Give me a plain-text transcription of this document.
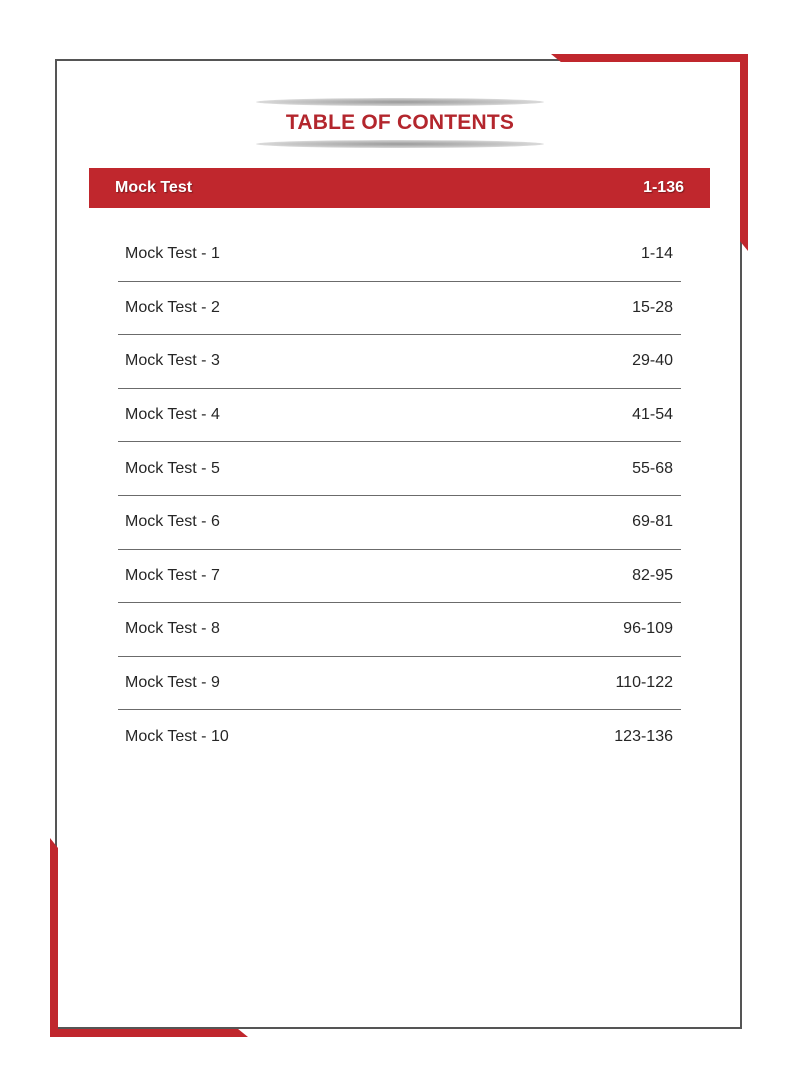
TABLE OF CONTENTS
Mock Test	1-136
Mock Test - 1	1-14
Mock Test - 2	15-28
Mock Test - 3	29-40
Mock Test - 4	41-54
Mock Test - 5	55-68
Mock Test - 6	69-81
Mock Test - 7	82-95
Mock Test - 8	96-109
Mock Test - 9	110-122
Mock Test - 10	123-136
